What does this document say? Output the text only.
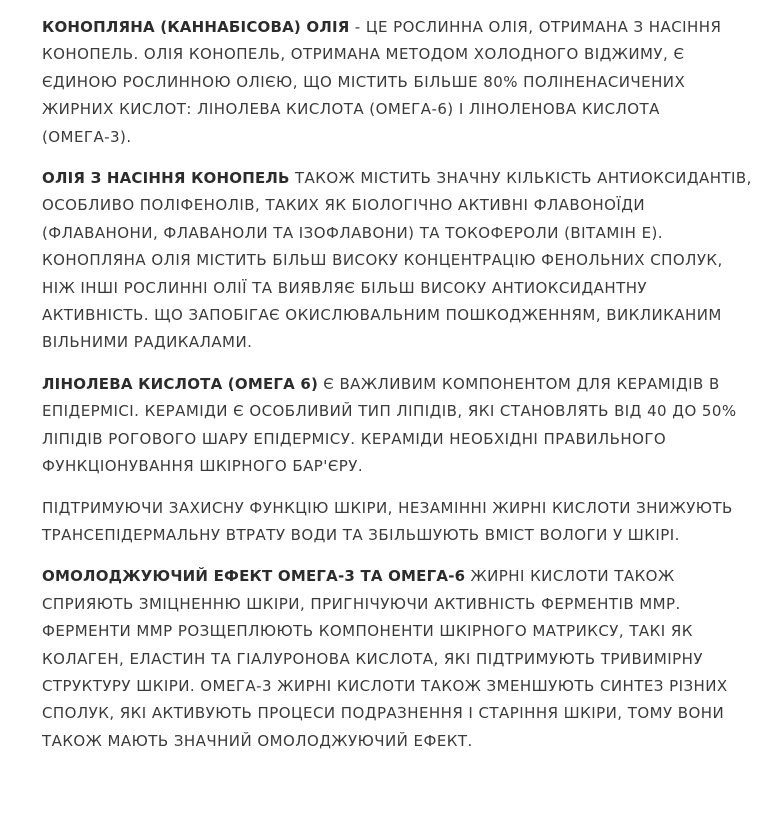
КОНОПЛЯНА (КАННАБІСОВА) ОЛІЯ - ЦЕ РОСЛИННА ОЛІЯ, ОТРИМАНА З НАСІННЯ КОНОПЕЛЬ. ОЛІЯ КОНОПЕЛЬ, ОТРИМАНА МЕТОДОМ ХОЛОДНОГО ВІДЖИМУ, Є ЄДИНОЮ РОСЛИННОЮ ОЛІЄЮ, ЩО МІСТИТЬ БІЛЬШЕ 80% ПОЛІНЕНАСИЧЕНИХ ЖИРНИХ КИСЛОТ: ЛІНОЛЕВА КИСЛОТА (ОМЕГА-6) І ЛІНОЛЕНОВА КИСЛОТА (ОМЕГА-3).

ОЛІЯ З НАСІННЯ КОНОПЕЛЬ ТАКОЖ МІСТИТЬ ЗНАЧНУ КІЛЬКІСТЬ АНТИОКСИДАНТІВ, ОСОБЛИВО ПОЛІФЕНОЛІВ, ТАКИХ ЯК БІОЛОГІЧНО АКТИВНІ ФЛАВОНОЇДИ (ФЛАВАНОНИ, ФЛАВАНОЛИ ТА ІЗОФЛАВОНИ) ТА ТОКОФЕРОЛИ (ВІТАМІН Е). КОНОПЛЯНА ОЛІЯ МІСТИТЬ БІЛЬШ ВИСОКУ КОНЦЕНТРАЦІЮ ФЕНОЛЬНИХ СПОЛУК, НІЖ ІНШІ РОСЛИННІ ОЛІЇ ТА ВИЯВЛЯЄ БІЛЬШ ВИСОКУ АНТИОКСИДАНТНУ АКТИВНІСТЬ. ЩО ЗАПОБІГАЄ ОКИСЛЮВАЛЬНИМ ПОШКОДЖЕННЯМ, ВИКЛИКАНИМ ВІЛЬНИМИ РАДИКАЛАМИ.

ЛІНОЛЕВА КИСЛОТА (ОМЕГА 6) Є ВАЖЛИВИМ КОМПОНЕНТОМ ДЛЯ КЕРАМІДІВ В ЕПІДЕРМІСІ. КЕРАМІДИ Є ОСОБЛИВИЙ ТИП ЛІПІДІВ, ЯКІ СТАНОВЛЯТЬ ВІД 40 ДО 50% ЛІПІДІВ РОГОВОГО ШАРУ ЕПІДЕРМІСУ. КЕРАМІДИ НЕОБХІДНІ ПРАВИЛЬНОГО ФУНКЦІОНУВАННЯ ШКІРНОГО БАР'ЄРУ.

ПІДТРИМУЮЧИ ЗАХИСНУ ФУНКЦІЮ ШКІРИ, НЕЗАМІННІ ЖИРНІ КИСЛОТИ ЗНИЖУЮТЬ ТРАНСЕПІДЕРМАЛЬНУ ВТРАТУ ВОДИ ТА ЗБІЛЬШУЮТЬ ВМІСТ ВОЛОГИ У ШКІРІ.

ОМОЛОДЖУЮЧИЙ ЕФЕКТ ОМЕГА-3 ТА ОМЕГА-6 ЖИРНІ КИСЛОТИ ТАКОЖ СПРИЯЮТЬ ЗМІЦНЕННЮ ШКІРИ, ПРИГНІЧУЮЧИ АКТИВНІСТЬ ФЕРМЕНТІВ ММР. ФЕРМЕНТИ ММР РОЗЩЕПЛЮЮТЬ КОМПОНЕНТИ ШКІРНОГО МАТРИКСУ, ТАКІ ЯК КОЛАГЕН, ЕЛАСТИН ТА ГІАЛУРОНОВА КИСЛОТА, ЯКІ ПІДТРИМУЮТЬ ТРИВИМІРНУ СТРУКТУРУ ШКІРИ. ОМЕГА-3 ЖИРНІ КИСЛОТИ ТАКОЖ ЗМЕНШУЮТЬ СИНТЕЗ РІЗНИХ СПОЛУК, ЯКІ АКТИВУЮТЬ ПРОЦЕСИ ПОДРАЗНЕННЯ І СТАРІННЯ ШКІРИ, ТОМУ ВОНИ ТАКОЖ МАЮТЬ ЗНАЧНИЙ ОМОЛОДЖУЮЧИЙ ЕФЕКТ.
